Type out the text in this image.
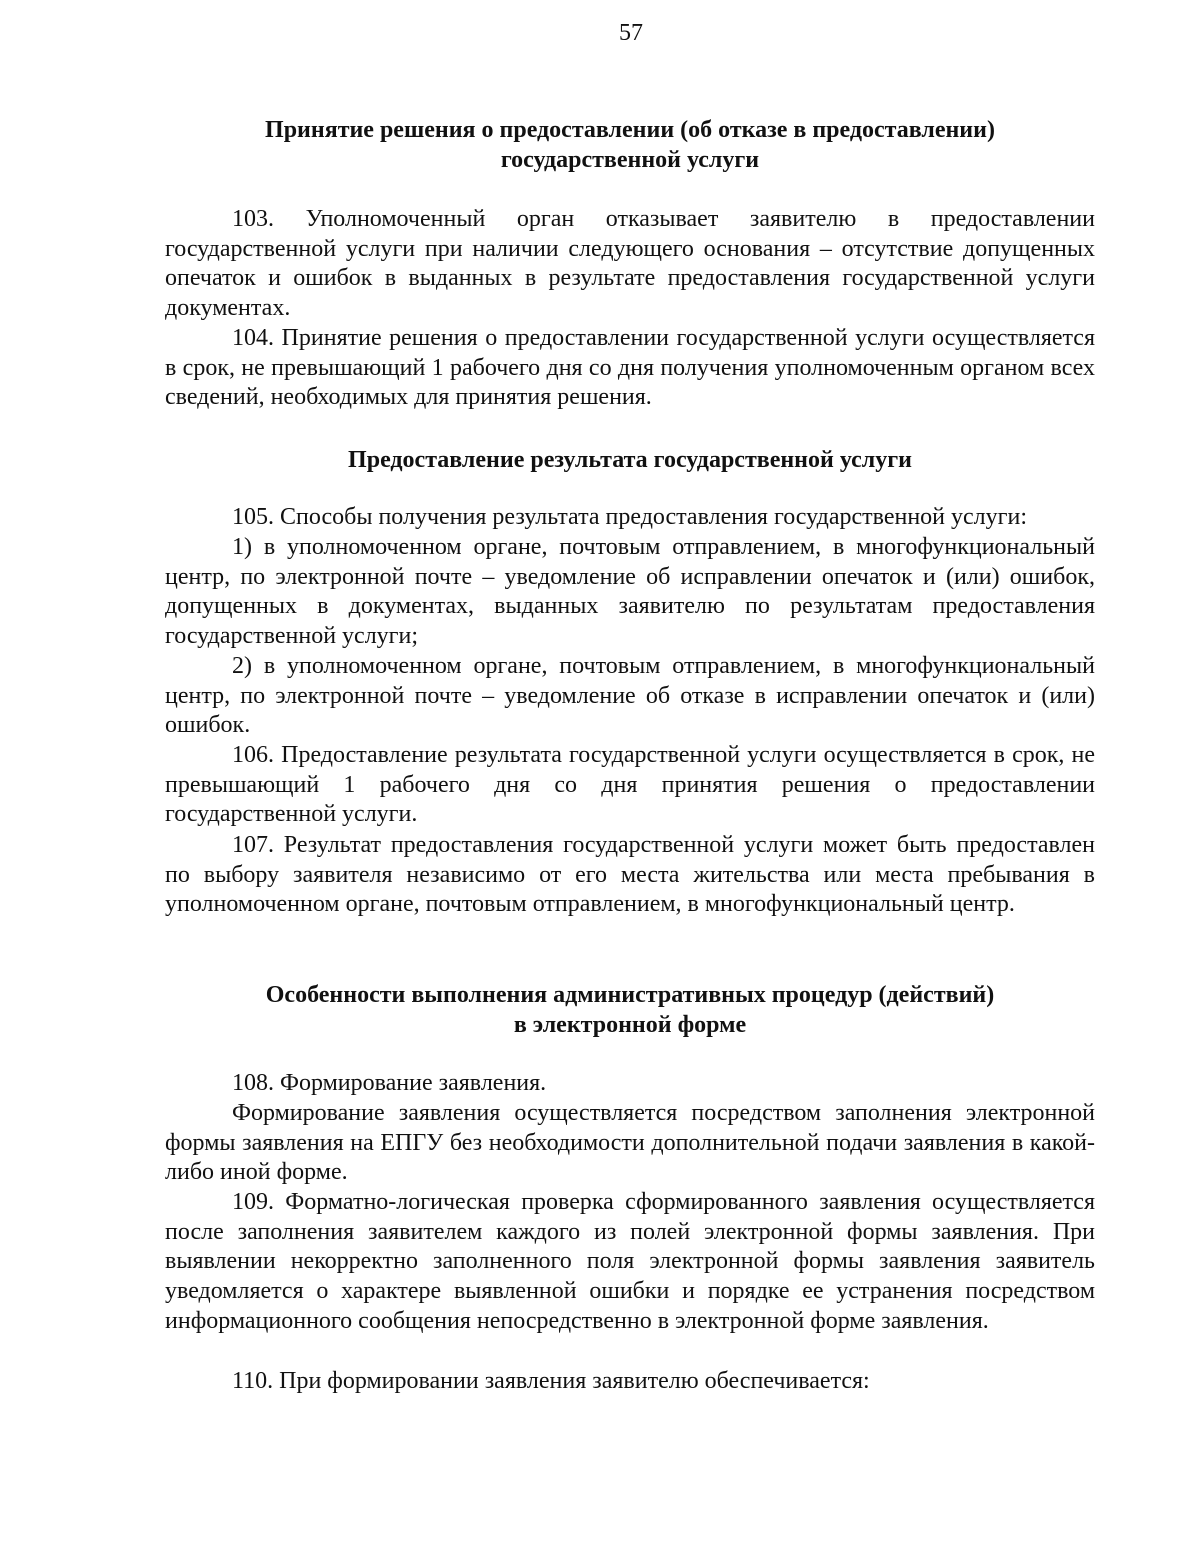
57
Принятие решения о предоставлении (об отказе в предоставлении)
государственной услуги
103. Уполномоченный орган отказывает заявителю в предоставлении государственной услуги при наличии следующего основания – отсутствие допущенных опечаток и ошибок в выданных в результате предоставления государственной услуги документах.
104. Принятие решения о предоставлении государственной услуги осуществляется в срок, не превышающий 1 рабочего дня со дня получения уполномоченным органом всех сведений, необходимых для принятия решения.
Предоставление результата государственной услуги
105. Способы получения результата предоставления государственной услуги:
1) в уполномоченном органе, почтовым отправлением, в многофункциональный центр, по электронной почте – уведомление об исправлении опечаток и (или) ошибок, допущенных в документах, выданных заявителю по результатам предоставления государственной услуги;
2) в уполномоченном органе, почтовым отправлением, в многофункциональный центр, по электронной почте – уведомление об отказе в исправлении опечаток и (или) ошибок.
106. Предоставление результата государственной услуги осуществляется в срок, не превышающий 1 рабочего дня со дня принятия решения о предоставлении государственной услуги.
107. Результат предоставления государственной услуги может быть предоставлен по выбору заявителя независимо от его места жительства или места пребывания в уполномоченном органе, почтовым отправлением, в многофункциональный центр.
Особенности выполнения административных процедур (действий)
в электронной форме
108. Формирование заявления.
Формирование заявления осуществляется посредством заполнения электронной формы заявления на ЕПГУ без необходимости дополнительной подачи заявления в какой-либо иной форме.
109. Форматно-логическая проверка сформированного заявления осуществляется после заполнения заявителем каждого из полей электронной формы заявления. При выявлении некорректно заполненного поля электронной формы заявления заявитель уведомляется о характере выявленной ошибки и порядке ее устранения посредством информационного сообщения непосредственно в электронной форме заявления.
110. При формировании заявления заявителю обеспечивается:
